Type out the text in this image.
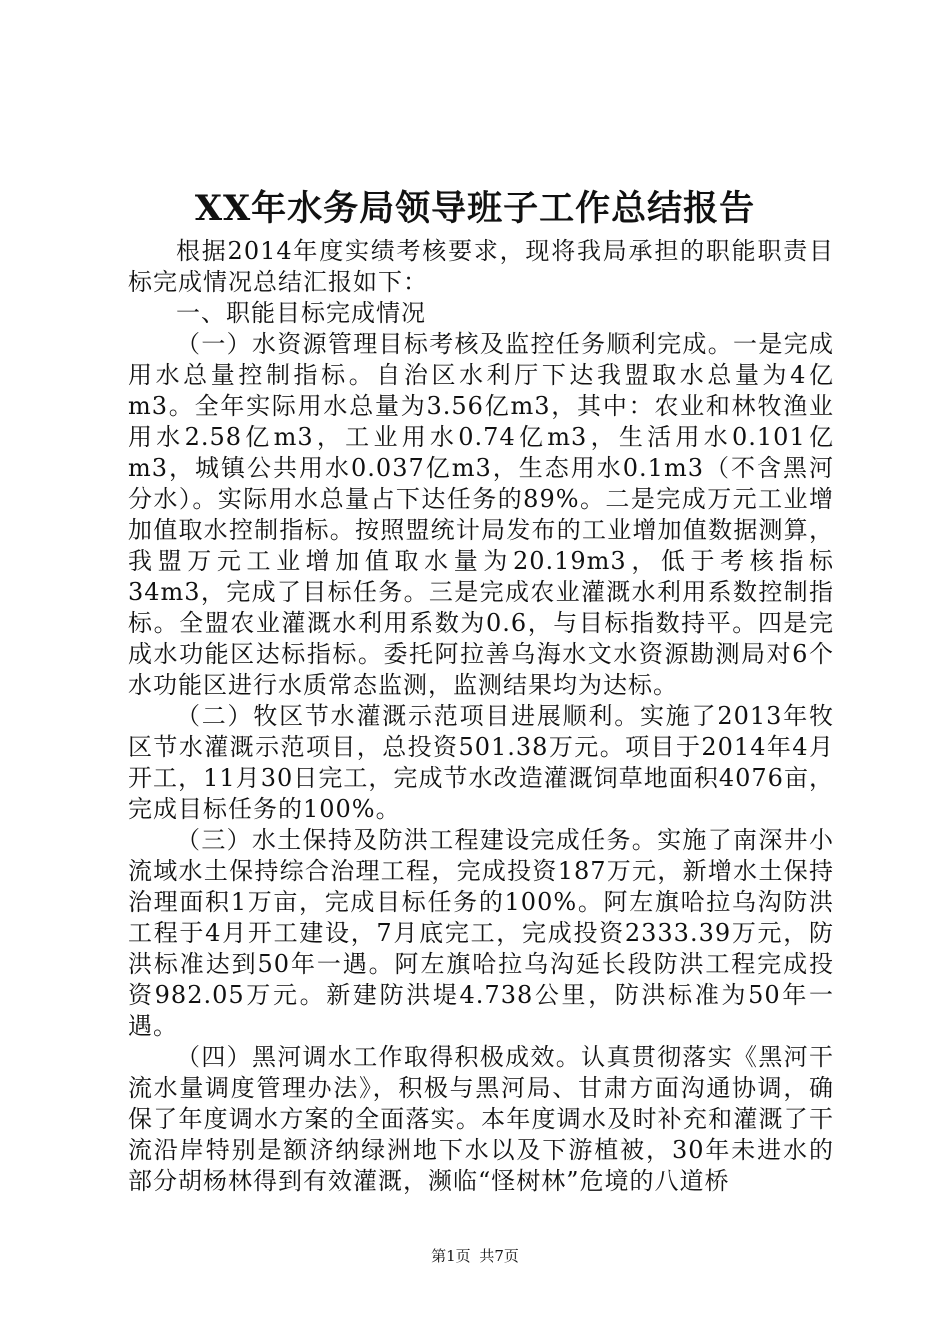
XX年水务局领导班子工作总结报告

根据2014年度实绩考核要求，现将我局承担的职能职责目标完成情况总结汇报如下：

一、职能目标完成情况

（一）水资源管理目标考核及监控任务顺利完成。一是完成用水总量控制指标。自治区水利厅下达我盟取水总量为4亿m3。全年实际用水总量为3.56亿m3，其中：农业和林牧渔业用水2.58亿m3，工业用水0.74亿m3，生活用水0.101亿m3，城镇公共用水0.037亿m3，生态用水0.1m3（不含黑河分水）。实际用水总量占下达任务的89%。二是完成万元工业增加值取水控制指标。按照盟统计局发布的工业增加值数据测算，我盟万元工业增加值取水量为20.19m3，低于考核指标34m3，完成了目标任务。三是完成农业灌溉水利用系数控制指标。全盟农业灌溉水利用系数为0.6，与目标指数持平。四是完成水功能区达标指标。委托阿拉善乌海水文水资源勘测局对6个水功能区进行水质常态监测，监测结果均为达标。

（二）牧区节水灌溉示范项目进展顺利。实施了2013年牧区节水灌溉示范项目，总投资501.38万元。项目于2014年4月开工，11月30日完工，完成节水改造灌溉饲草地面积4076亩，完成目标任务的100%。

（三）水土保持及防洪工程建设完成任务。实施了南深井小流域水土保持综合治理工程，完成投资187万元，新增水土保持治理面积1万亩，完成目标任务的100%。阿左旗哈拉乌沟防洪工程于4月开工建设，7月底完工，完成投资2333.39万元，防洪标准达到50年一遇。阿左旗哈拉乌沟延长段防洪工程完成投资982.05万元。新建防洪堤4.738公里，防洪标准为50年一遇。

（四）黑河调水工作取得积极成效。认真贯彻落实《黑河干流水量调度管理办法》，积极与黑河局、甘肃方面沟通协调，确保了年度调水方案的全面落实。本年度调水及时补充和灌溉了干流沿岸特别是额济纳绿洲地下水以及下游植被，30年未进水的部分胡杨林得到有效灌溉，濒临“怪树林”危境的八道桥

第1页 共7页
